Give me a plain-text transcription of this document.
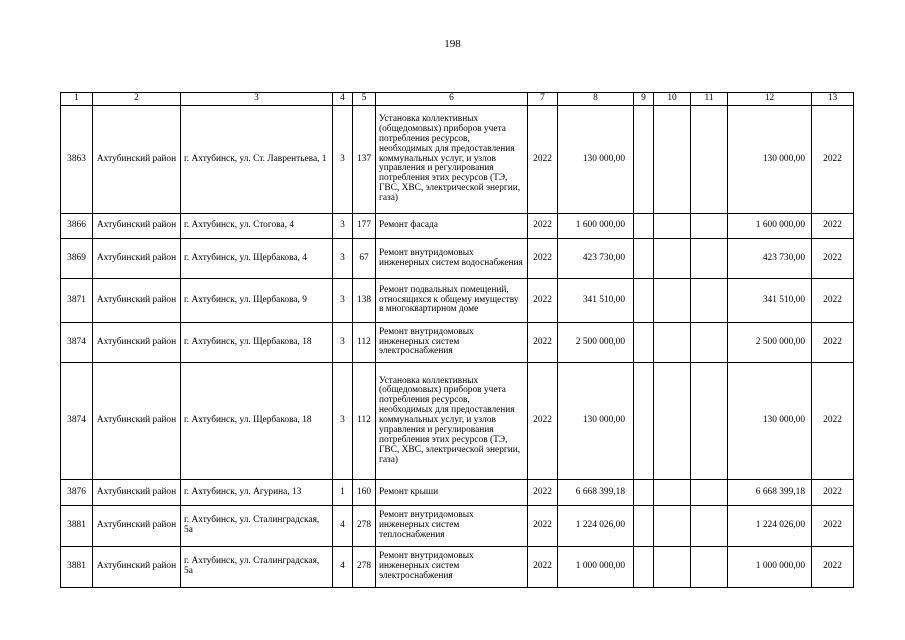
198
1	2	3	4	5	6	7	8	9	10	11	12	13
3863	Ахтубинский район	г. Ахтубинск, ул. Ст. Лаврентьева, 1	3	137	Установка коллективных (общедомовых) приборов учета потребления ресурсов, необходимых для предоставления коммунальных услуг, и узлов управления и регулирования потребления этих ресурсов (ТЭ, ГВС, ХВС, электрической энергии, газа)	2022	130 000,00				130 000,00	2022
3866	Ахтубинский район	г. Ахтубинск, ул. Стогова, 4	3	177	Ремонт фасада	2022	1 600 000,00				1 600 000,00	2022
3869	Ахтубинский район	г. Ахтубинск, ул. Щербакова, 4	3	67	Ремонт внутридомовых инженерных систем водоснабжения	2022	423 730,00				423 730,00	2022
3871	Ахтубинский район	г. Ахтубинск, ул. Щербакова, 9	3	138	Ремонт подвальных помещений, относящихся к общему имуществу в многоквартирном доме	2022	341 510,00				341 510,00	2022
3874	Ахтубинский район	г. Ахтубинск, ул. Щербакова, 18	3	112	Ремонт внутридомовых инженерных систем электроснабжения	2022	2 500 000,00				2 500 000,00	2022
3874	Ахтубинский район	г. Ахтубинск, ул. Щербакова, 18	3	112	Установка коллективных (общедомовых) приборов учета потребления ресурсов, необходимых для предоставления коммунальных услуг, и узлов управления и регулирования потребления этих ресурсов (ТЭ, ГВС, ХВС, электрической энергии, газа)	2022	130 000,00				130 000,00	2022
3876	Ахтубинский район	г. Ахтубинск, ул. Агурина, 13	1	160	Ремонт крыши	2022	6 668 399,18				6 668 399,18	2022
3881	Ахтубинский район	г. Ахтубинск, ул. Сталинградская, 5а	4	278	Ремонт внутридомовых инженерных систем теплоснабжения	2022	1 224 026,00				1 224 026,00	2022
3881	Ахтубинский район	г. Ахтубинск, ул. Сталинградская, 5а	4	278	Ремонт внутридомовых инженерных систем электроснабжения	2022	1 000 000,00				1 000 000,00	2022
